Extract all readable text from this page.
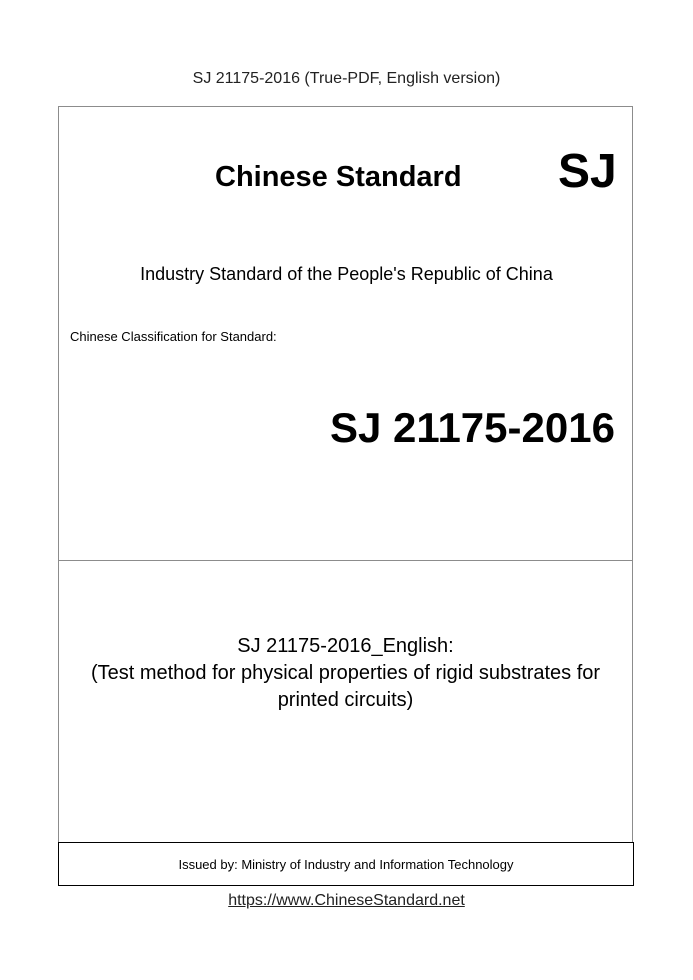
SJ 21175-2016 (True-PDF, English version)
Chinese Standard SJ
Industry Standard of the People's Republic of China
Chinese Classification for Standard:
SJ 21175-2016
SJ 21175-2016_English:
(Test method for physical properties of rigid substrates for
printed circuits)
Issued by: Ministry of Industry and Information Technology
https://www.ChineseStandard.net
